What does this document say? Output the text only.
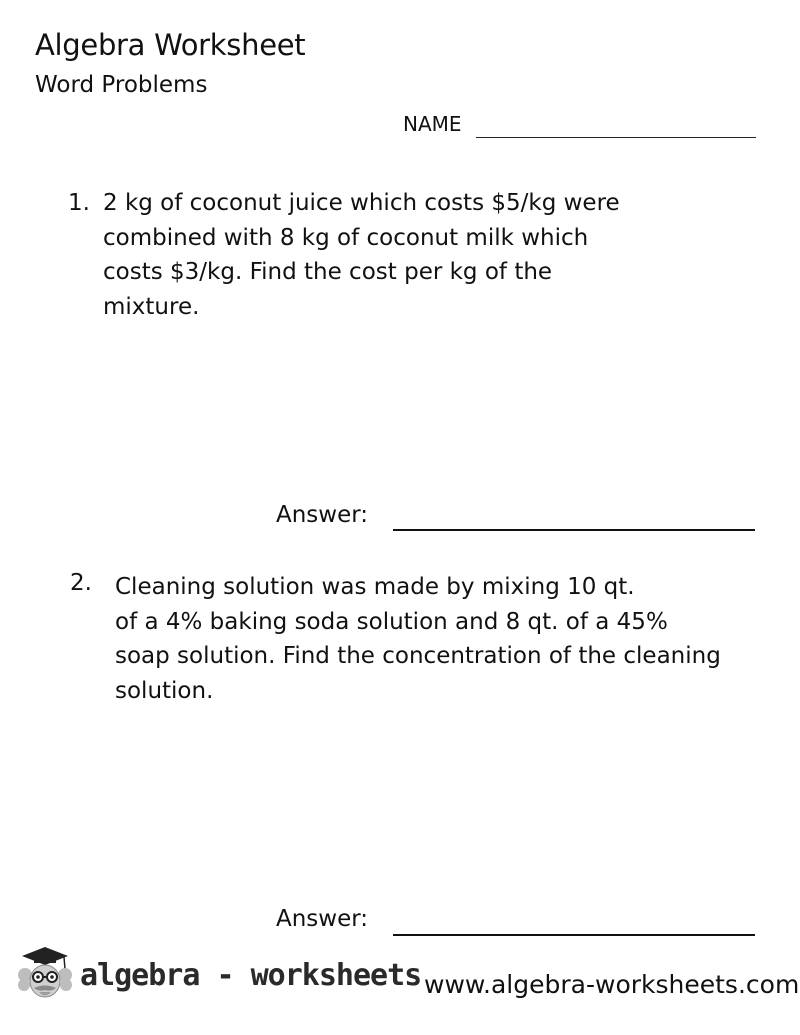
Algebra Worksheet
Word Problems
NAME
1. 2 kg of coconut juice which costs $5/kg were
combined with 8 kg of coconut milk which
costs $3/kg. Find the cost per kg of the
mixture.
Answer:
2. Cleaning solution was made by mixing 10 qt.
of a 4% baking soda solution and 8 qt. of a 45%
soap solution. Find the concentration of the cleaning
solution.
Answer:
algebra - worksheets www.algebra-worksheets.com
